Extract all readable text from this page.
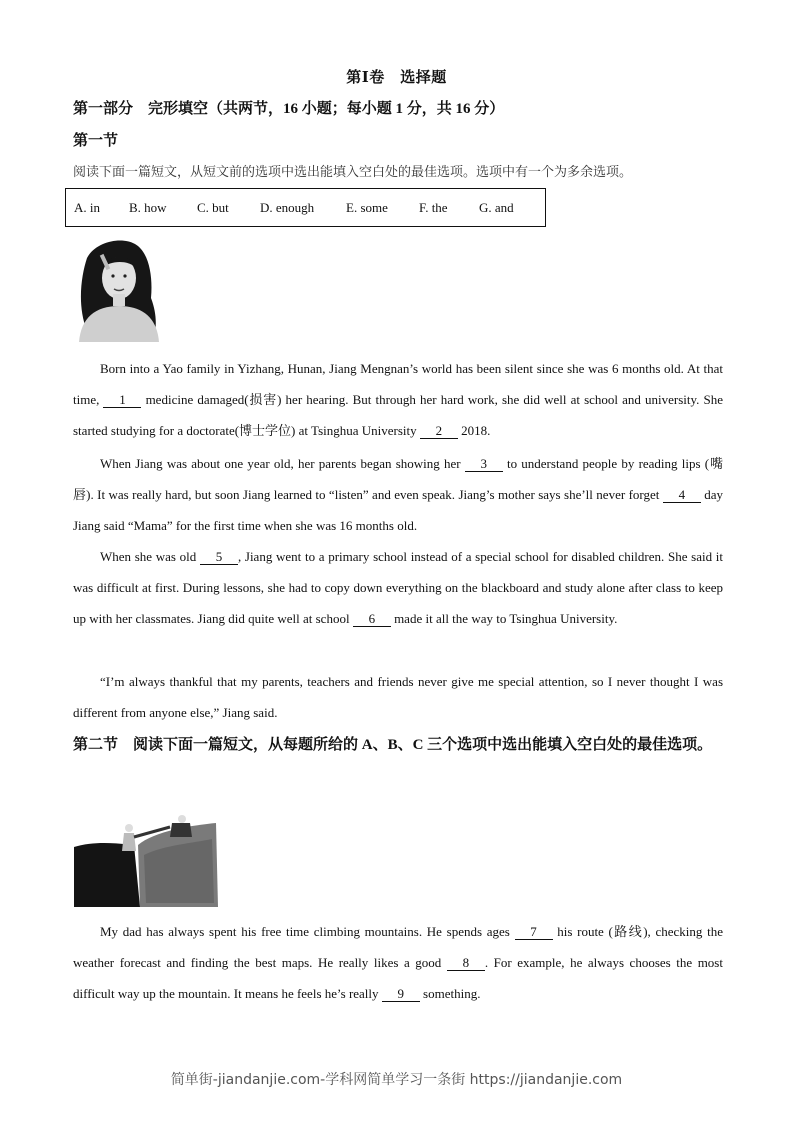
第Ⅰ卷　选择题
第一部分　完形填空（共两节，16 小题；每小题 1 分，共 16 分）
第一节
阅读下面一篇短文，从短文前的选项中选出能填入空白处的最佳选项。选项中有一个为多余选项。
A. in	B. how	C. but	D. enough	E. some	F. the	G. and
Born into a Yao family in Yizhang, Hunan, Jiang Mengnan’s world has been silent since she was 6 months old. At that time, 1 medicine damaged(损害) her hearing. But through her hard work, she did well at school and university. She started studying for a doctorate(博士学位) at Tsinghua University 2 2018.
When Jiang was about one year old, her parents began showing her 3 to understand people by reading lips (嘴唇). It was really hard, but soon Jiang learned to “listen” and even speak. Jiang’s mother says she’ll never forget 4 day Jiang said “Mama” for the first time when she was 16 months old.
When she was old 5 , Jiang went to a primary school instead of a special school for disabled children. She said it was difficult at first. During lessons, she had to copy down everything on the blackboard and study alone after class to keep up with her classmates. Jiang did quite well at school 6 made it all the way to Tsinghua University.
“I’m always thankful that my parents, teachers and friends never give me special attention, so I never thought I was different from anyone else,” Jiang said.
第二节　阅读下面一篇短文，从每题所给的 A、B、C 三个选项中选出能填入空白处的最佳选项。
My dad has always spent his free time climbing mountains. He spends ages 7 his route (路线), checking the weather forecast and finding the best maps. He really likes a good 8 . For example, he always chooses the most difficult way up the mountain. It means he feels he’s really 9 something.
简单街-jiandanjie.com-学科网简单学习一条街 https://jiandanjie.com
